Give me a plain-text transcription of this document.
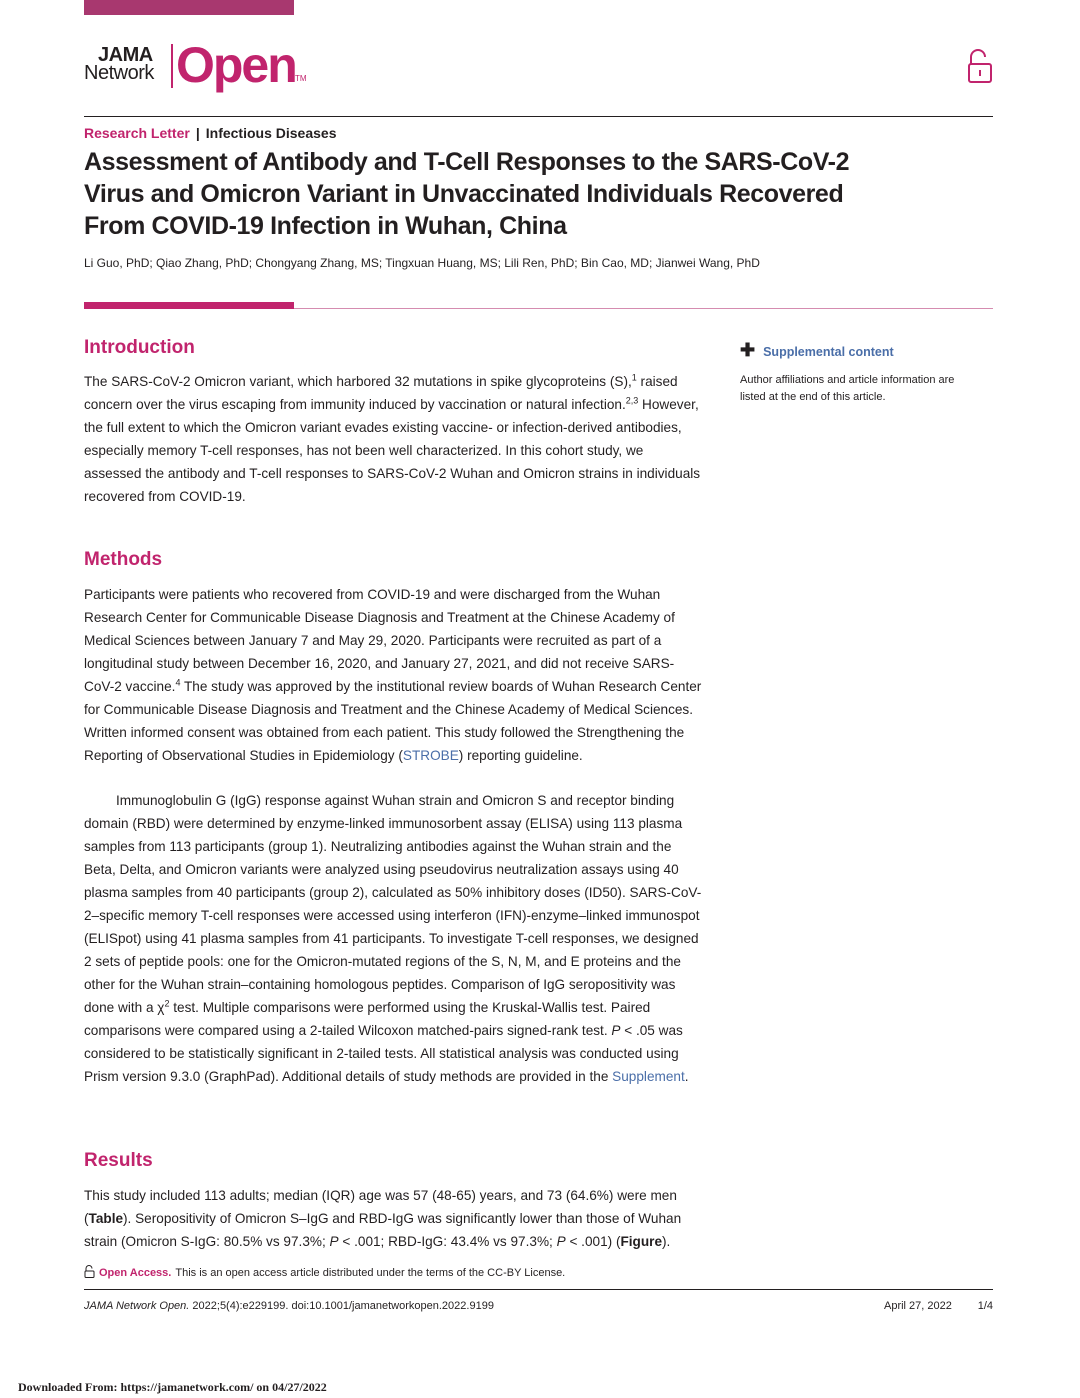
JAMA
Network Open TM
Research Letter | Infectious Diseases
Assessment of Antibody and T-Cell Responses to the SARS-CoV-2 Virus and Omicron Variant in Unvaccinated Individuals Recovered From COVID-19 Infection in Wuhan, China
Li Guo, PhD; Qiao Zhang, PhD; Chongyang Zhang, MS; Tingxuan Huang, MS; Lili Ren, PhD; Bin Cao, MD; Jianwei Wang, PhD
✚ Supplemental content
Author affiliations and article information are listed at the end of this article.
Introduction

The SARS-CoV-2 Omicron variant, which harbored 32 mutations in spike glycoproteins (S),$^1$ raised concern over the virus escaping from immunity induced by vaccination or natural infection.$^{2,3}$ However, the full extent to which the Omicron variant evades existing vaccine- or infection-derived antibodies, especially memory T-cell responses, has not been well characterized. In this cohort study, we assessed the antibody and T-cell responses to SARS-CoV-2 Wuhan and Omicron strains in individuals recovered from COVID-19.

Methods

Participants were patients who recovered from COVID-19 and were discharged from the Wuhan Research Center for Communicable Disease Diagnosis and Treatment at the Chinese Academy of Medical Sciences between January 7 and May 29, 2020. Participants were recruited as part of a longitudinal study between December 16, 2020, and January 27, 2021, and did not receive SARS-CoV-2 vaccine.$^4$ The study was approved by the institutional review boards of Wuhan Research Center for Communicable Disease Diagnosis and Treatment and the Chinese Academy of Medical Sciences. Written informed consent was obtained from each patient. This study followed the Strengthening the Reporting of Observational Studies in Epidemiology (STROBE) reporting guideline.

Immunoglobulin G (IgG) response against Wuhan strain and Omicron S and receptor binding domain (RBD) were determined by enzyme-linked immunosorbent assay (ELISA) using 113 plasma samples from 113 participants (group 1). Neutralizing antibodies against the Wuhan strain and the Beta, Delta, and Omicron variants were analyzed using pseudovirus neutralization assays using 40 plasma samples from 40 participants (group 2), calculated as 50% inhibitory doses (ID50). SARS-CoV-2–specific memory T-cell responses were accessed using interferon (IFN)-enzyme–linked immunospot (ELISpot) using 41 plasma samples from 41 participants. To investigate T-cell responses, we designed 2 sets of peptide pools: one for the Omicron-mutated regions of the S, N, M, and E proteins and the other for the Wuhan strain–containing homologous peptides. Comparison of IgG seropositivity was done with a $\chi^2$ test. Multiple comparisons were performed using the Kruskal-Wallis test. Paired comparisons were compared using a 2-tailed Wilcoxon matched-pairs signed-rank test. P < .05 was considered to be statistically significant in 2-tailed tests. All statistical analysis was conducted using Prism version 9.3.0 (GraphPad). Additional details of study methods are provided in the Supplement.

Results

This study included 113 adults; median (IQR) age was 57 (48-65) years, and 73 (64.6%) were men (Table). Seropositivity of Omicron S–IgG and RBD-IgG was significantly lower than those of Wuhan strain (Omicron S-IgG: 80.5% vs 97.3%; P < .001; RBD-IgG: 43.4% vs 97.3%; P < .001) (Figure).

Open Access. This is an open access article distributed under the terms of the CC-BY License.
JAMA Network Open. 2022;5(4):e229199. doi:10.1001/jamanetworkopen.2022.9199	April 27, 2022 1/4
Downloaded From: https://jamanetwork.com/ on 04/27/2022
